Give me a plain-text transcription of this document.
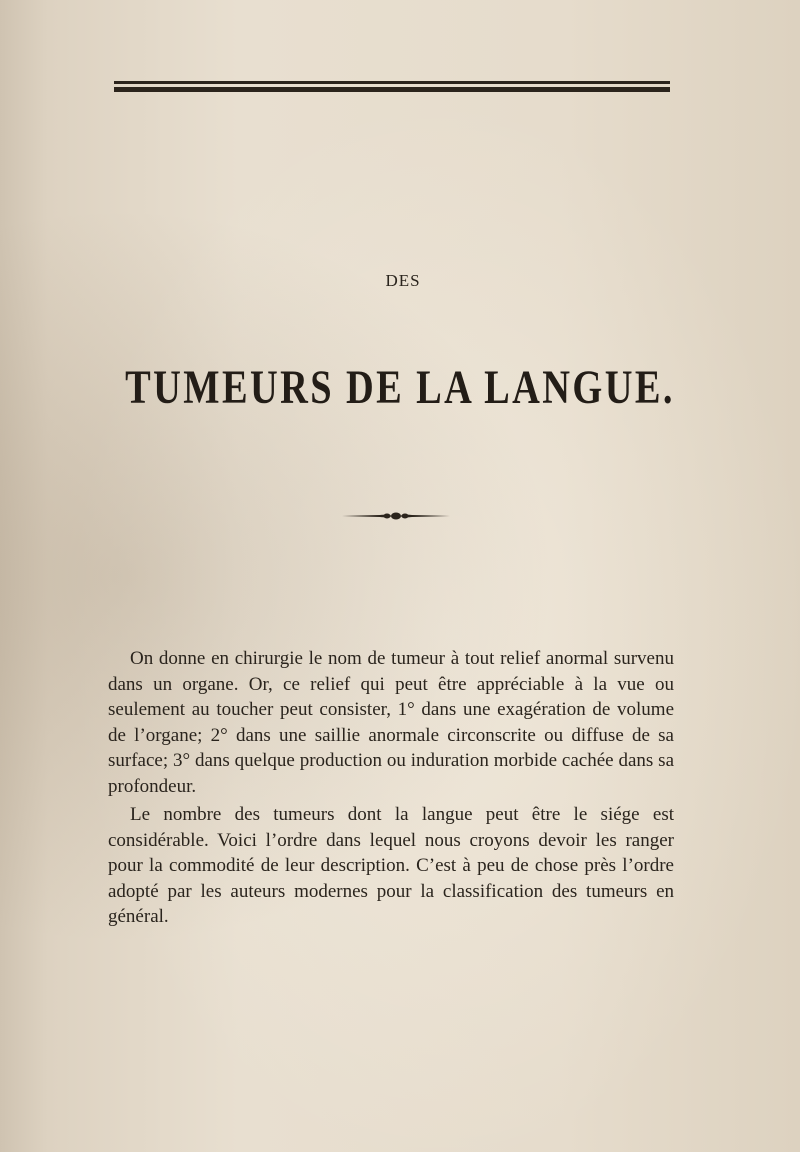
DES
TUMEURS DE LA LANGUE.

On donne en chirurgie le nom de tumeur à tout relief anormal survenu dans un organe. Or, ce relief qui peut être appréciable à la vue ou seulement au toucher peut consister, 1° dans une exagération de volume de l’organe; 2° dans une saillie anormale circonscrite ou diffuse de sa surface; 3° dans quelque production ou induration morbide cachée dans sa profondeur.

Le nombre des tumeurs dont la langue peut être le siége est considérable. Voici l’ordre dans lequel nous croyons devoir les ranger pour la commodité de leur description. C’est à peu de chose près l’ordre adopté par les auteurs modernes pour la classification des tumeurs en général.
